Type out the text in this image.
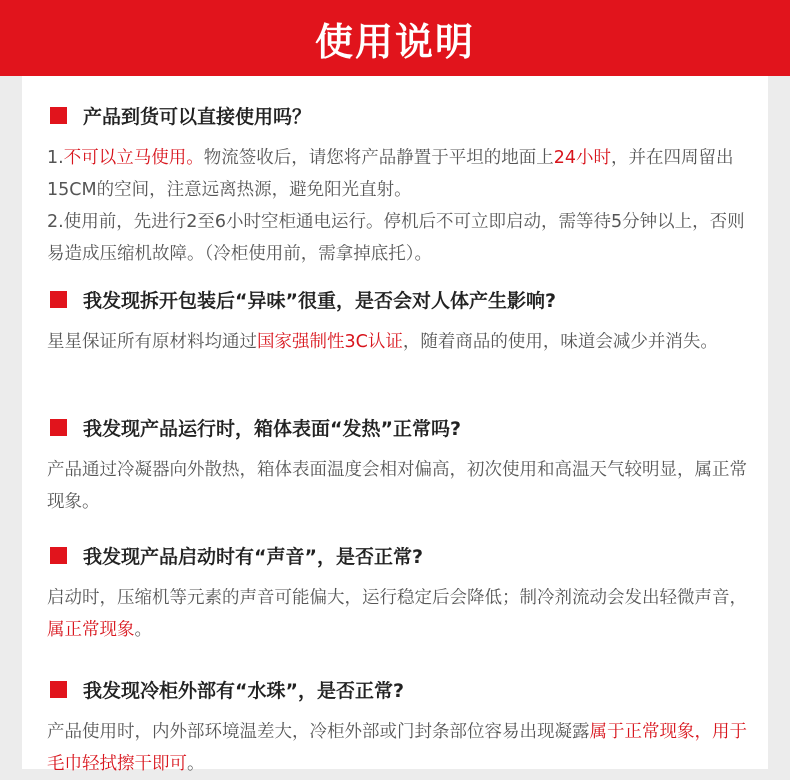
使用说明
产品到货可以直接使用吗？

1.不可以立马使用。物流签收后，请您将产品静置于平坦的地面上24小时，并在四周留出15CM的空间，注意远离热源，避免阳光直射。

2.使用前，先进行2至6小时空柜通电运行。停机后不可立即启动，需等待5分钟以上，否则易造成压缩机故障。（冷柜使用前，需拿掉底托）。

我发现拆开包装后“异味”很重，是否会对人体产生影响?

星星保证所有原材料均通过国家强制性3C认证，随着商品的使用，味道会减少并消失。

我发现产品运行时，箱体表面“发热”正常吗?

产品通过冷凝器向外散热，箱体表面温度会相对偏高，初次使用和高温天气较明显，属正常现象。

我发现产品启动时有“声音”，是否正常?

启动时，压缩机等元素的声音可能偏大，运行稳定后会降低；制冷剂流动会发出轻微声音，属正常现象。

我发现冷柜外部有“水珠”，是否正常?

产品使用时，内外部环境温差大，冷柜外部或门封条部位容易出现凝露属于正常现象，用于毛巾轻拭擦干即可。
